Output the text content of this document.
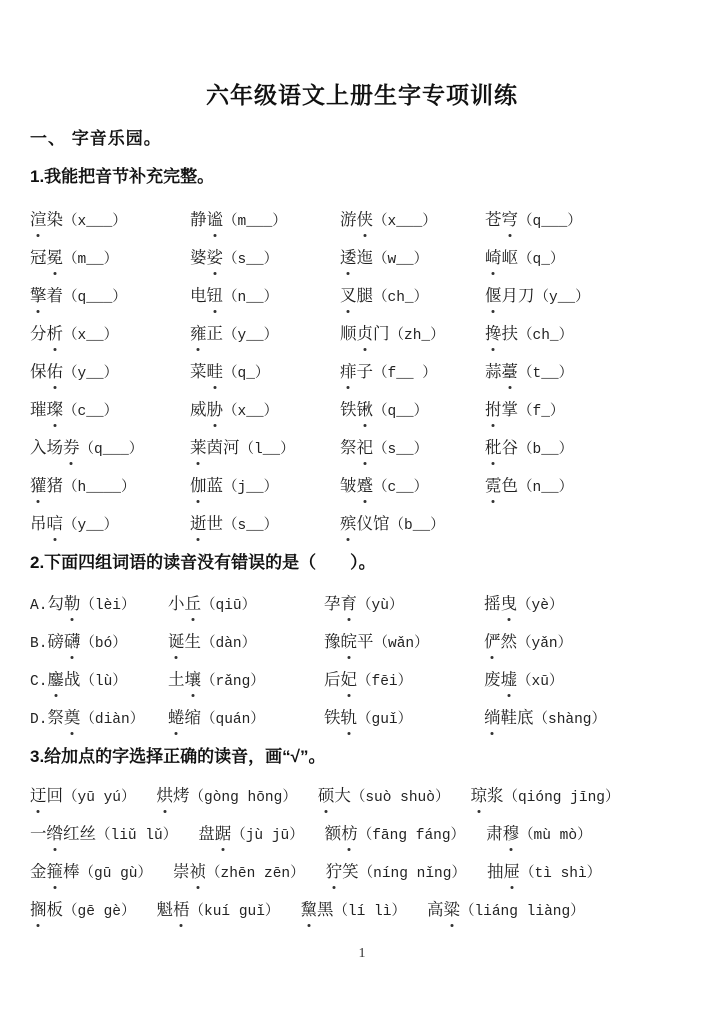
六年级语文上册生字专项训练
一、 字音乐园。
1.我能把音节补充完整。
渲染（x___）	静谧（m___）	游侠（x___）	苍穹（q___）
冠冕（m__）	婆娑（s__）	逶迤（w__）	崎岖（q_）
擎着（q___）	电钮（n__）	叉腿（ch_）	偃月刀（y__）
分析（x__）	雍正（y__）	顺贞门（zh_）	搀扶（ch_）
保佑（y__）	菜畦（q_）	痱子（f__ ）	蒜薹（t__）
璀璨（c__）	威胁（x__）	铁锹（q__）	拊掌（f_）
入场券（q___）	莱茵河（l__）	祭祀（s__）	秕谷（b__）
獾猪（h____）	伽蓝（j__）	皱蹙（c__）	霓色（n__）
吊唁（y__）	逝世（s__）	殡仪馆（b__）
2.下面四组词语的读音没有错误的是（　　）。
A.勾勒（lèi）	小丘（qiū）	孕育（yù）	摇曳（yè）
B.磅礴（bó）	诞生（dàn）	豫皖平（wǎn）	俨然（yǎn）
C.鏖战（lù）	土壤（rǎng）	后妃（fēi）	废墟（xū）
D.祭奠（diàn）	蜷缩（quán）	铁轨（guǐ）	绱鞋底（shàng）
3.给加点的字选择正确的读音，画“√”。
迂回（yū yú） 烘烤（gòng hōng） 硕大（suò shuò） 琼浆（qióng jīng）
一绺红丝（liǔ lǔ） 盘踞（jù jū） 额枋（fāng fáng） 肃穆（mù mò）
金箍棒（gū gù） 崇祯（zhēn zēn） 狞笑（níng nǐng） 抽屉（tì shì）
搁板（gē gè） 魁梧（kuí guǐ） 黧黑（lí lì） 高粱（liáng liàng）
1
